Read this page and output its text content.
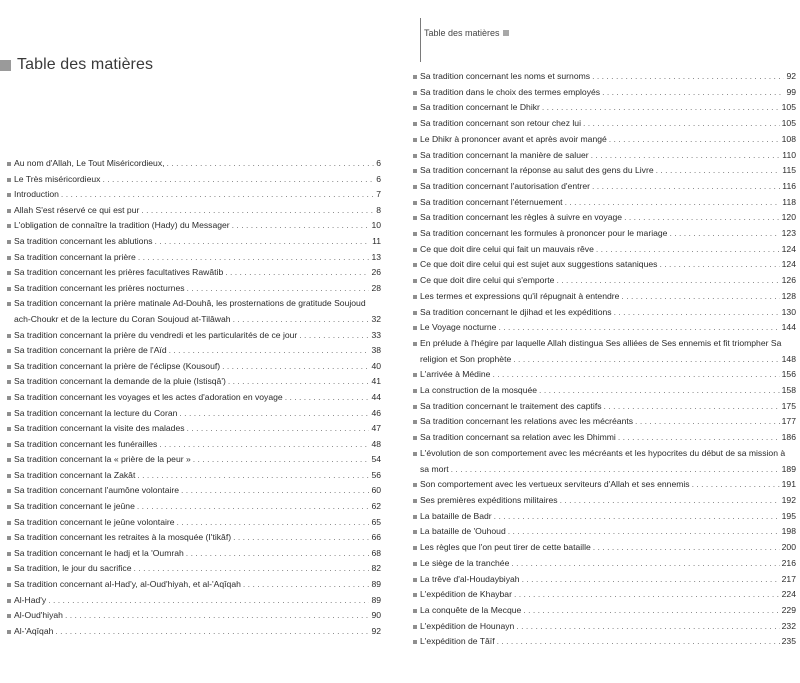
Table des matières
Au nom d'Allah, Le Tout Miséricordieux, . . .	6
Le Très miséricordieux . . .	6
Introduction . . .	7
Allah S'est réservé ce qui est pur . . .	8
L'obligation de connaître la tradition (Hady) du Messager . . .	10
Sa tradition concernant les ablutions . . .	11
Sa tradition concernant la prière . . .	13
Sa tradition concernant les prières facultatives Rawâtib . . .	26
Sa tradition concernant les prières nocturnes . . .	28
Sa tradition concernant la prière matinale Ad-Douhâ, les prosternations de gratitude Soujoud
ach-Choukr et de la lecture du Coran Soujoud at-Tilâwah . . .	32
Sa tradition concernant la prière du vendredi et les particularités de ce jour . . .	33
Sa tradition concernant la prière de l'Aïd . . .	38
Sa tradition concernant la prière de l'éclipse (Kousouf) . . .	40
Sa tradition concernant la demande de la pluie (Istisqâ') . . .	41
Sa tradition concernant les voyages et les actes d'adoration en voyage . . .	44
Sa tradition concernant la lecture du Coran . . .	46
Sa tradition concernant la visite des malades . . .	47
Sa tradition concernant les funérailles . . .	48
Sa tradition concernant la « prière de la peur » . . .	54
Sa tradition concernant la Zakât . . .	56
Sa tradition concernant l'aumône volontaire . . .	60
Sa tradition concernant le jeûne . . .	62
Sa tradition concernant le jeûne volontaire . . .	65
Sa tradition concernant les retraites à la mosquée (I'tikâf) . . .	66
Sa tradition concernant le hadj et la 'Oumrah . . .	68
Sa tradition, le jour du sacrifice . . .	82
Sa tradition concernant al-Had'y, al-Oud'hiyah, et al-'Aqîqah . . .	89
Al-Had'y . . .	89
Al-Oud'hiyah . . .	90
Al-'Aqîqah . . .	92
Table des matières
Sa tradition concernant les noms et surnoms . . .	92
Sa tradition dans le choix des termes employés . . .	99
Sa tradition concernant le Dhikr . . .	105
Sa tradition concernant son retour chez lui . . .	105
Le Dhikr à prononcer avant et après avoir mangé . . .	108
Sa tradition concernant la manière de saluer . . .	110
Sa tradition concernant la réponse au salut des gens du Livre . . .	115
Sa tradition concernant l'autorisation d'entrer . . .	116
Sa tradition concernant l'éternuement . . .	118
Sa tradition concernant les règles à suivre en voyage . . .	120
Sa tradition concernant les formules à prononcer pour le mariage . . .	123
Ce que doit dire celui qui fait un mauvais rêve . . .	124
Ce que doit dire celui qui est sujet aux suggestions sataniques . . .	124
Ce que doit dire celui qui s'emporte . . .	126
Les termes et expressions qu'il répugnait à entendre . . .	128
Sa tradition concernant le djihad et les expéditions . . .	130
Le Voyage nocturne . . .	144
En prélude à l'hégire par laquelle Allah distingua Ses alliées de Ses ennemis et fit triompher Sa
religion et Son prophète . . .	148
L'arrivée à Médine . . .	156
La construction de la mosquée . . .	158
Sa tradition concernant le traitement des captifs . . .	175
Sa tradition concernant les relations avec les mécréants . . .	177
Sa tradition concernant sa relation avec les Dhimmi . . .	186
L'évolution de son comportement avec les mécréants et les hypocrites du début de sa mission à
sa mort . . .	189
Son comportement avec les vertueux serviteurs d'Allah et ses ennemis . . .	191
Ses premières expéditions militaires . . .	192
La bataille de Badr . . .	195
La bataille de 'Ouhoud . . .	198
Les règles que l'on peut tirer de cette bataille . . .	200
Le siège de la tranchée . . .	216
La trêve d'al-Houdaybiyah . . .	217
L'expédition de Khaybar . . .	224
La conquête de la Mecque . . .	229
L'expédition de Hounayn . . .	232
L'expédition de Tâïf . . .	235
